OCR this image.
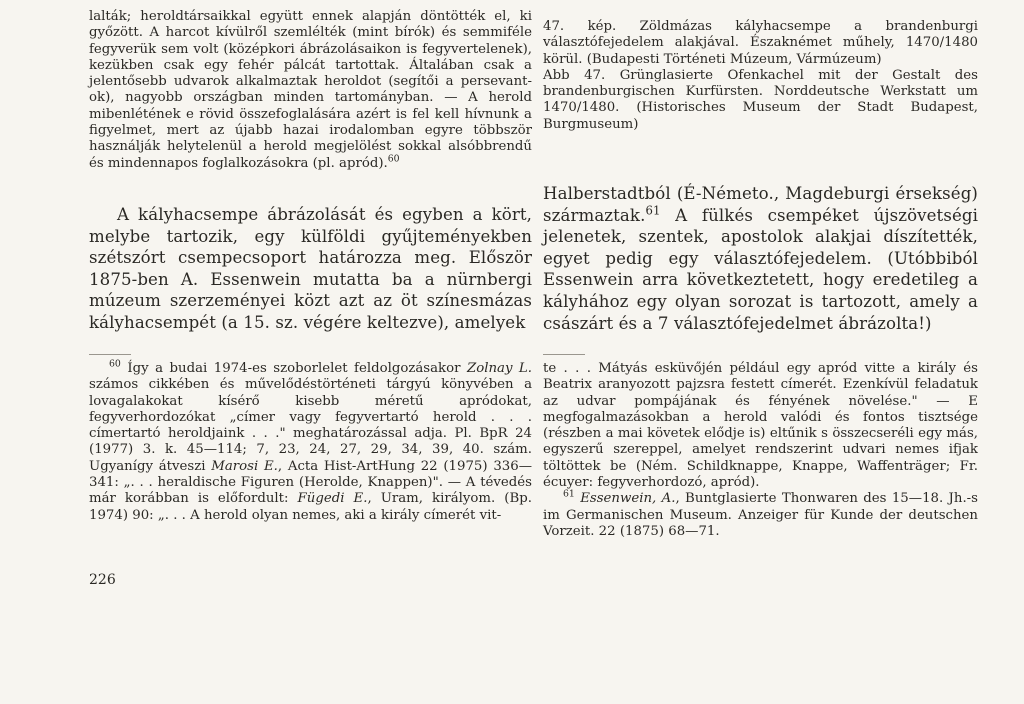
lalták; heroldtársaikkal együtt ennek alapján döntötték el, ki győzött. A harcot kívülről szemlélték (mint bírók) és semmiféle fegyverük sem volt (középkori ábrázolásaikon is fegyvertelenek), kezükben csak egy fehér pálcát tartottak. Általában csak a jelentősebb udvarok alkalmaztak heroldot (segítői a persevant-ok), nagyobb országban minden tartományban. — A herold mibenlétének e rövid összefoglalására azért is fel kell hívnunk a figyelmet, mert az újabb hazai irodalomban egyre többször használják helytelenül a herold megjelölést sokkal alsóbbrendű és mindennapos foglalkozásokra (pl. apród).$^{60}$

A kályhacsempe ábrázolását és egyben a kört, melybe tartozik, egy külföldi gyűjteményekben szétszórt csempecsoport határozza meg. Először 1875-ben A. Essenwein mutatta ba a nürnbergi múzeum szerzeményei közt azt az öt színesmázas kályhacsempét (a 15. sz. végére keltezve), amelyek

47. kép. Zöldmázas kályhacsempe a brandenburgi választófejedelem alakjával. Északnémet műhely, 1470/1480 körül. (Budapesti Történeti Múzeum, Vármúzeum)

Abb 47. Grünglasierte Ofenkachel mit der Gestalt des brandenburgischen Kurfürsten. Norddeutsche Werkstatt um 1470/1480. (Historisches Museum der Stadt Budapest, Burgmuseum)

Halberstadtból (É-Németo., Magdeburgi érsekség) származtak.$^{61}$ A fülkés csempéket újszövetségi jelenetek, szentek, apostolok alakjai díszítették, egyet pedig egy választófejedelem. (Utóbbiból Essenwein arra következtetett, hogy eredetileg a kályhához egy olyan sorozat is tartozott, amely a császárt és a 7 választófejedelmet ábrázolta!)

$^{60}$ Így a budai 1974-es szoborlelet feldolgozásakor Zolnay L. számos cikkében és művelődéstörténeti tárgyú könyvében a lovagalakokat kísérő kisebb méretű apródokat, fegyverhordozókat „címer vagy fegyvertartó herold . . . címertartó heroldjaink . . ." meghatározással adja. Pl. BpR 24 (1977) 3. k. 45—114; 7, 23, 24, 27, 29, 34, 39, 40. szám. Ugyanígy átveszi Marosi E., Acta Hist-ArtHung 22 (1975) 336—341: „. . . heraldische Figuren (Herolde, Knappen)". — A tévedés már korábban is előfordult: Fügedi E., Uram, királyom. (Bp. 1974) 90: „. . . A herold olyan nemes, aki a király címerét vit-

te . . . Mátyás esküvőjén például egy apród vitte a király és Beatrix aranyozott pajzsra festett címerét. Ezenkívül feladatuk az udvar pompájának és fényének növelése." — E megfogalmazásokban a herold valódi és fontos tisztsége (részben a mai követek elődje is) eltűnik s összecseréli egy más, egyszerű szereppel, amelyet rendszerint udvari nemes ifjak töltöttek be (Ném. Schildknappe, Knappe, Waffenträger; Fr. écuyer: fegyverhordozó, apród).

$^{61}$ Essenwein, A., Buntglasierte Thonwaren des 15—18. Jh.-s im Germanischen Museum. Anzeiger für Kunde der deutschen Vorzeit. 22 (1875) 68—71.

226
